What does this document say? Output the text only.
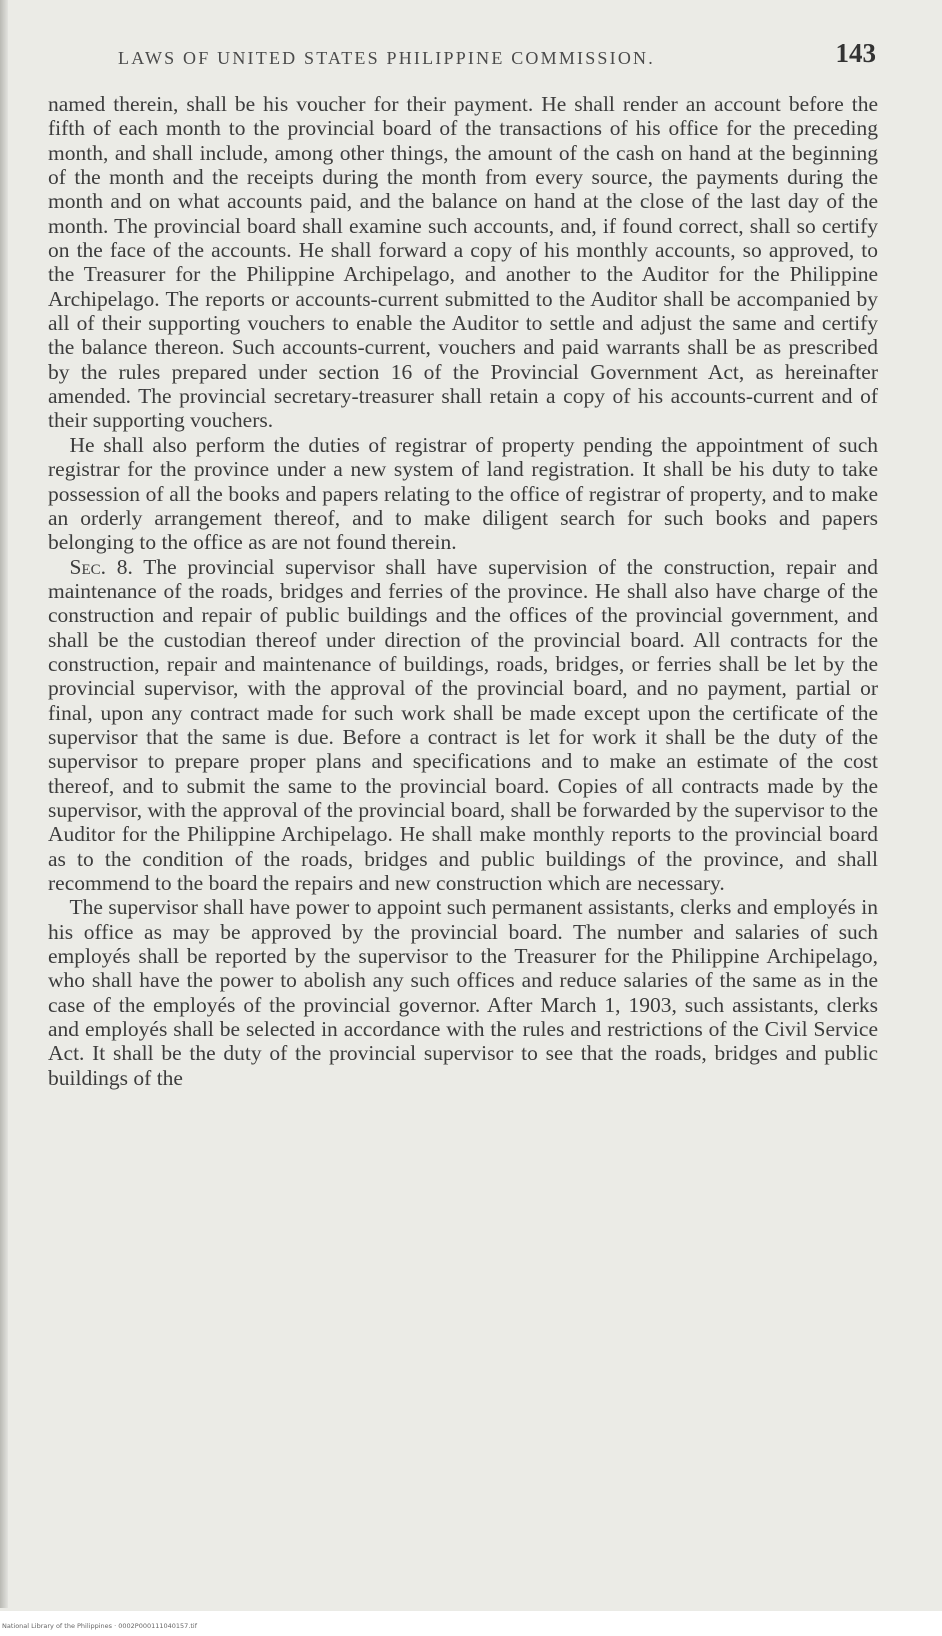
LAWS OF UNITED STATES PHILIPPINE COMMISSION.	143

named therein, shall be his voucher for their payment. He shall render an account before the fifth of each month to the provincial board of the transactions of his office for the preceding month, and shall include, among other things, the amount of the cash on hand at the beginning of the month and the receipts during the month from every source, the payments during the month and on what accounts paid, and the balance on hand at the close of the last day of the month. The provincial board shall examine such accounts, and, if found correct, shall so certify on the face of the accounts. He shall forward a copy of his monthly accounts, so approved, to the Treasurer for the Philippine Archipelago, and another to the Auditor for the Philippine Archipelago. The reports or accounts-current submitted to the Auditor shall be accompanied by all of their supporting vouchers to enable the Auditor to settle and adjust the same and certify the balance thereon. Such accounts-current, vouchers and paid warrants shall be as prescribed by the rules prepared under section 16 of the Provincial Government Act, as hereinafter amended. The provincial secretary-treasurer shall retain a copy of his accounts-current and of their supporting vouchers.

 He shall also perform the duties of registrar of property pending the appointment of such registrar for the province under a new system of land registration. It shall be his duty to take possession of all the books and papers relating to the office of registrar of property, and to make an orderly arrangement thereof, and to make diligent search for such books and papers belonging to the office as are not found therein.

 Sec. 8. The provincial supervisor shall have supervision of the construction, repair and maintenance of the roads, bridges and ferries of the province. He shall also have charge of the construction and repair of public buildings and the offices of the provincial government, and shall be the custodian thereof under direction of the provincial board. All contracts for the construction, repair and maintenance of buildings, roads, bridges, or ferries shall be let by the provincial supervisor, with the approval of the provincial board, and no payment, partial or final, upon any contract made for such work shall be made except upon the certificate of the supervisor that the same is due. Before a contract is let for work it shall be the duty of the supervisor to prepare proper plans and specifications and to make an estimate of the cost thereof, and to submit the same to the provincial board. Copies of all contracts made by the supervisor, with the approval of the provincial board, shall be forwarded by the supervisor to the Auditor for the Philippine Archipelago. He shall make monthly reports to the provincial board as to the condition of the roads, bridges and public buildings of the province, and shall recommend to the board the repairs and new construction which are necessary.

 The supervisor shall have power to appoint such permanent assistants, clerks and employés in his office as may be approved by the provincial board. The number and salaries of such employés shall be reported by the supervisor to the Treasurer for the Philippine Archipelago, who shall have the power to abolish any such offices and reduce salaries of the same as in the case of the employés of the provincial governor. After March 1, 1903, such assistants, clerks and employés shall be selected in accordance with the rules and restrictions of the Civil Service Act. It shall be the duty of the provincial supervisor to see that the roads, bridges and public buildings of the

National Library of the Philippines · 0002P000111040157.tif
